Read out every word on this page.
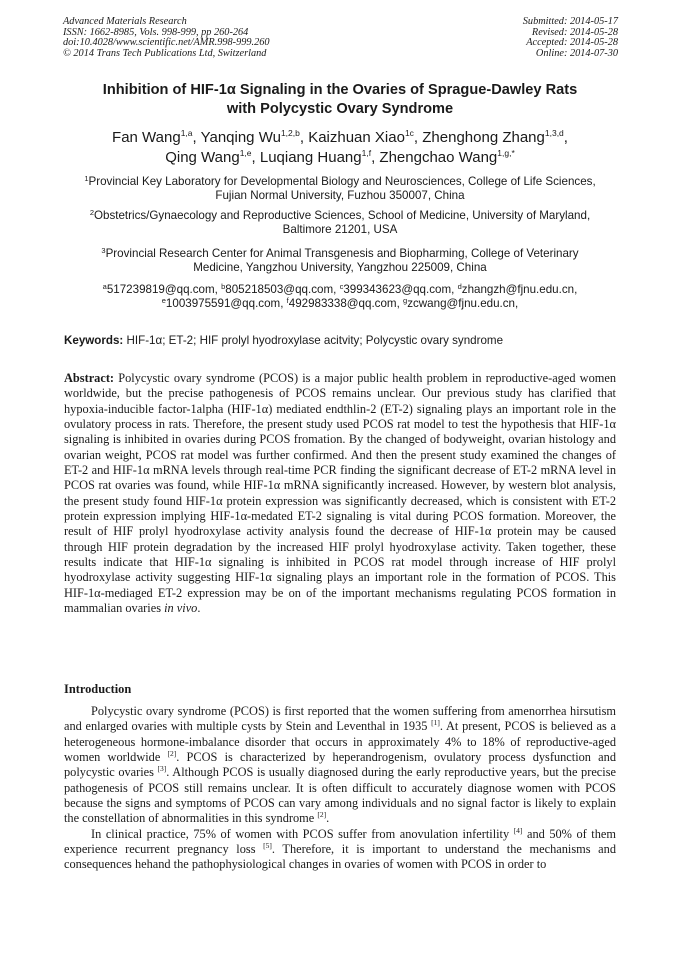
Advanced Materials Research
ISSN: 1662-8985, Vols. 998-999, pp 260-264
doi:10.4028/www.scientific.net/AMR.998-999.260
© 2014 Trans Tech Publications Ltd, Switzerland
Submitted: 2014-05-17
Revised: 2014-05-28
Accepted: 2014-05-28
Online: 2014-07-30
Inhibition of HIF-1α Signaling in the Ovaries of Sprague-Dawley Rats
with Polycystic Ovary Syndrome
Fan Wang$^{1,a}$, Yanqing Wu$^{1,2,b}$, Kaizhuan Xiao$^{1c}$, Zhenghong Zhang$^{1,3,d}$,
Qing Wang$^{1,e}$, Luqiang Huang$^{1,f}$, Zhengchao Wang$^{1,g,*}$
$^1$Provincial Key Laboratory for Developmental Biology and Neurosciences, College of Life Sciences,
Fujian Normal University, Fuzhou 350007, China
$^2$Obstetrics/Gynaecology and Reproductive Sciences, School of Medicine, University of Maryland,
Baltimore 21201, USA
$^3$Provincial Research Center for Animal Transgenesis and Biopharming, College of Veterinary
Medicine, Yangzhou University, Yangzhou 225009, China
$^a$517239819@qq.com, $^b$805218503@qq.com, $^c$399343623@qq.com, $^d$zhangzh@fjnu.edu.cn,
$^e$1003975591@qq.com, $^f$492983338@qq.com, $^g$zcwang@fjnu.edu.cn,
Keywords: HIF-1α; ET-2; HIF prolyl hyodroxylase acitvity; Polycystic ovary syndrome
Abstract: Polycystic ovary syndrome (PCOS) is a major public health problem in reproductive-aged women worldwide, but the precise pathogenesis of PCOS remains unclear. Our previous study has clarified that hypoxia-inducible factor-1alpha (HIF-1α) mediated endthlin-2 (ET-2) signaling plays an important role in the ovulatory process in rats. Therefore, the present study used PCOS rat model to test the hypothesis that HIF-1α signaling is inhibited in ovaries during PCOS fromation. By the changed of bodyweight, ovarian histology and ovarian weight, PCOS rat model was further confirmed. And then the present study examined the changes of ET-2 and HIF-1α mRNA levels through real-time PCR finding the significant decrease of ET-2 mRNA level in PCOS rat ovaries was found, while HIF-1α mRNA significantly increased. However, by western blot analysis, the present study found HIF-1α protein expression was significantly decreased, which is consistent with ET-2 protein expression implying HIF-1α-medated ET-2 signaling is vital during PCOS formation. Moreover, the result of HIF prolyl hyodroxylase activity analysis found the decrease of HIF-1α protein may be caused through HIF protein degradation by the increased HIF prolyl hyodroxylase activity. Taken together, these results indicate that HIF-1α signaling is inhibited in PCOS rat model through increase of HIF prolyl hyodroxylase activity suggesting HIF-1α signaling plays an important role in the formation of PCOS. This HIF-1α-mediaged ET-2 expression may be on of the important mechanisms regulating PCOS formation in mammalian ovaries in vivo.
Introduction

Polycystic ovary syndrome (PCOS) is first reported that the women suffering from amenorrhea hirsutism and enlarged ovaries with multiple cysts by Stein and Leventhal in 1935 [1]. At present, PCOS is believed as a heterogeneous hormone-imbalance disorder that occurs in approximately 4% to 18% of reproductive-aged women worldwide [2]. PCOS is characterized by heperandrogenism, ovulatory process dysfunction and polycystic ovaries [3]. Although PCOS is usually diagnosed during the early reproductive years, but the precise pathogenesis of PCOS still remains unclear. It is often difficult to accurately diagnose women with PCOS because the signs and symptoms of PCOS can vary among individuals and no signal factor is likely to explain the constellation of abnormalities in this syndrome [2].

In clinical practice, 75% of women with PCOS suffer from anovulation infertility [4] and 50% of them experience recurrent pregnancy loss [5]. Therefore, it is important to understand the mechanisms and consequences hehand the pathophysiological changes in ovaries of women with PCOS in order to
